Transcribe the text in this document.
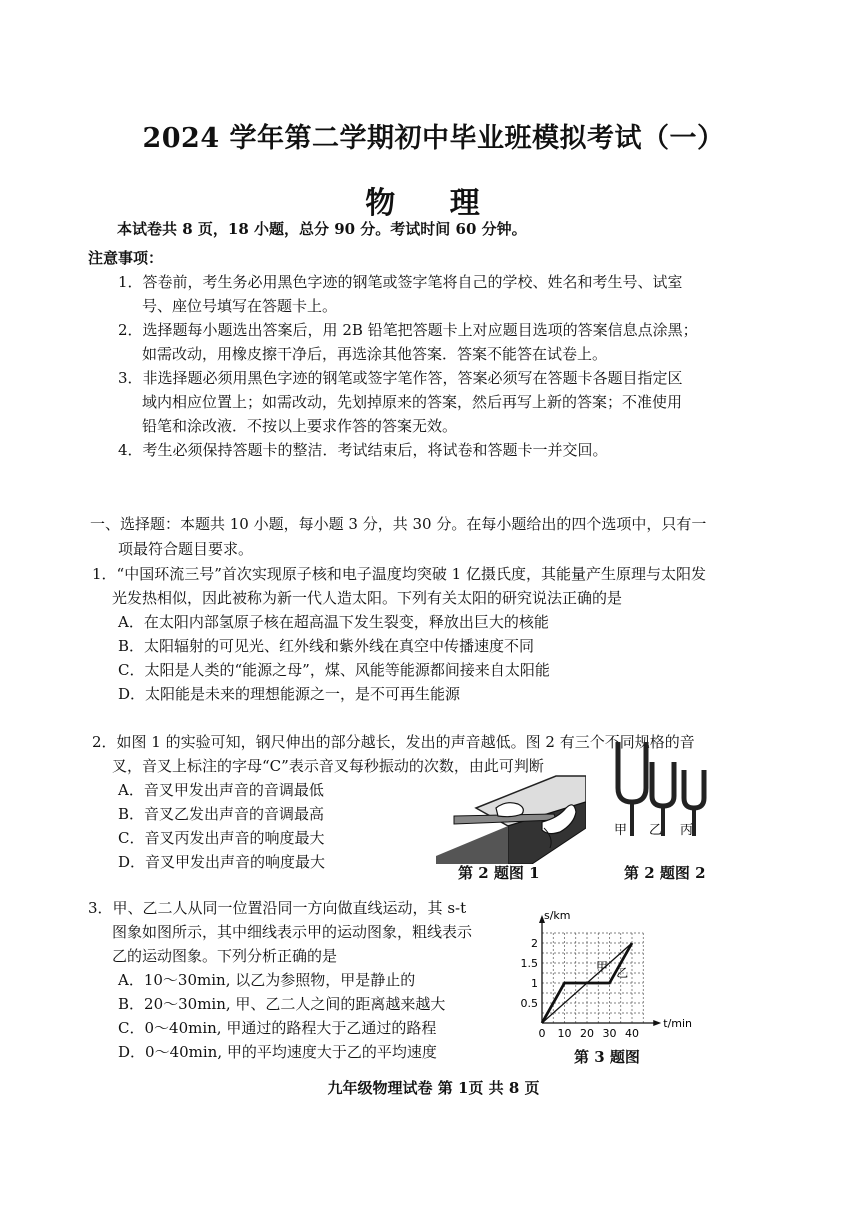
2024 学年第二学期初中毕业班模拟考试（一）
物 理
本试卷共 8 页，18 小题，总分 90 分。考试时间 60 分钟。
注意事项：
1．答卷前，考生务必用黑色字迹的钢笔或签字笔将自己的学校、姓名和考生号、试室
号、座位号填写在答题卡上。
2．选择题每小题选出答案后，用 2B 铅笔把答题卡上对应题目选项的答案信息点涂黑；
如需改动，用橡皮擦干净后，再选涂其他答案．答案不能答在试卷上。
3．非选择题必须用黑色字迹的钢笔或签字笔作答，答案必须写在答题卡各题目指定区
域内相应位置上；如需改动，先划掉原来的答案，然后再写上新的答案；不准使用
铅笔和涂改液．不按以上要求作答的答案无效。
4．考生必须保持答题卡的整洁．考试结束后，将试卷和答题卡一并交回。
一、选择题：本题共 10 小题，每小题 3 分，共 30 分。在每小题给出的四个选项中，只有一
项最符合题目要求。
1．“中国环流三号”首次实现原子核和电子温度均突破 1 亿摄氏度，其能量产生原理与太阳发
光发热相似，因此被称为新一代人造太阳。下列有关太阳的研究说法正确的是
A．在太阳内部氢原子核在超高温下发生裂变，释放出巨大的核能
B．太阳辐射的可见光、红外线和紫外线在真空中传播速度不同
C．太阳是人类的“能源之母”，煤、风能等能源都间接来自太阳能
D．太阳能是未来的理想能源之一，是不可再生能源
2．如图 1 的实验可知，钢尺伸出的部分越长，发出的声音越低。图 2 有三个不同规格的音
叉，音叉上标注的字母“C”表示音叉每秒振动的次数，由此可判断
A．音叉甲发出声音的音调最低
B．音叉乙发出声音的音调最高
C．音叉丙发出声音的响度最大
D．音叉甲发出声音的响度最大
第 2 题图 1
甲 乙 丙
第 2 题图 2
3．甲、乙二人从同一位置沿同一方向做直线运动，其 s-t
图象如图所示，其中细线表示甲的运动图象，粗线表示
乙的运动图象。下列分析正确的是
A．10～30min, 以乙为参照物，甲是静止的
B．20～30min, 甲、乙二人之间的距离越来越大
C．0～40min, 甲通过的路程大于乙通过的路程
D．0～40min, 甲的平均速度大于乙的平均速度
0 10 20 30 40
0.5
1
1.5
2
t/min
s/km
甲 乙
第 3 题图
九年级物理试卷 第 1页 共 8 页
